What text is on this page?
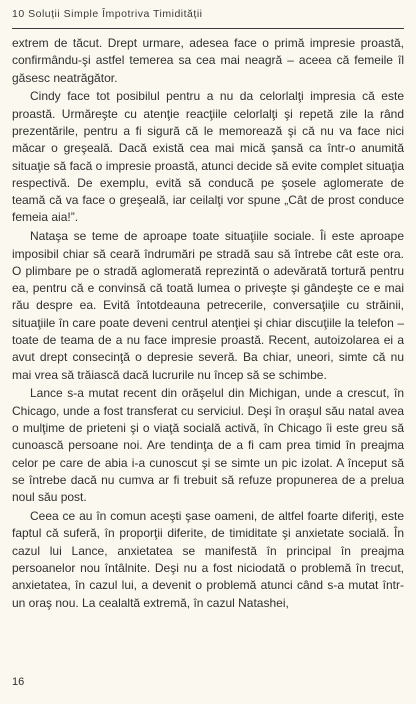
10 Soluții Simple Împotriva Timidității

extrem de tăcut. Drept urmare, adesea face o primă impresie proastă, confirmându-şi astfel temerea sa cea mai neagră – aceea că femeile îl găsesc neatrăgător.

Cindy face tot posibilul pentru a nu da celorlalţi impresia că este proastă. Urmăreşte cu atenţie reacţiile celorlalţi şi repetă zile la rând prezentările, pentru a fi sigură că le memorează şi că nu va face nici măcar o greşeală. Dacă există cea mai mică şansă ca într-o anumită situaţie să facă o impresie proastă, atunci decide să evite complet situaţia respectivă. De exemplu, evită să conducă pe şosele aglomerate de teamă că va face o greşeală, iar ceilalţi vor spune „Cât de prost conduce femeia aia!”.

Nataşa se teme de aproape toate situaţiile sociale. Îi este aproape imposibil chiar să ceară îndrumări pe stradă sau să întrebe cât este ora. O plimbare pe o stradă aglomerată reprezintă o adevărată tortură pentru ea, pentru că e convinsă că toată lumea o priveşte şi gândeşte ce e mai rău despre ea. Evită întotdeauna petrecerile, conversaţiile cu străinii, situaţiile în care poate deveni centrul atenţiei şi chiar discuţiile la telefon – toate de teama de a nu face impresie proastă. Recent, autoizolarea ei a avut drept consecinţă o depresie severă. Ba chiar, uneori, simte că nu mai vrea să trăiască dacă lucrurile nu încep să se schimbe.

Lance s-a mutat recent din orăşelul din Michigan, unde a crescut, în Chicago, unde a fost transferat cu serviciul. Deşi în oraşul său natal avea o mulţime de prieteni şi o viaţă socială activă, în Chicago îi este greu să cunoască persoane noi. Are tendinţa de a fi cam prea timid în preajma celor pe care de abia i-a cunoscut şi se simte un pic izolat. A început să se întrebe dacă nu cumva ar fi trebuit să refuze propunerea de a prelua noul său post.

Ceea ce au în comun aceşti şase oameni, de altfel foarte diferiţi, este faptul că suferă, în proporţii diferite, de timiditate şi anxietate socială. În cazul lui Lance, anxietatea se manifestă în principal în preajma persoanelor nou întâlnite. Deşi nu a fost niciodată o problemă în trecut, anxietatea, în cazul lui, a devenit o problemă atunci când s-a mutat într-un oraş nou. La cealaltă extremă, în cazul Natashei,

16
